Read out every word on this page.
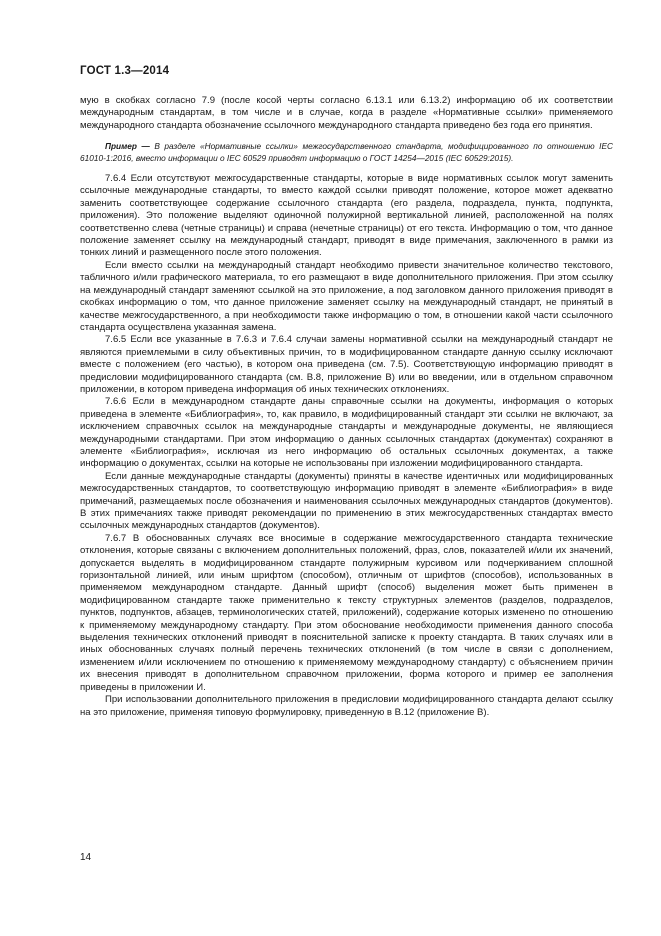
ГОСТ 1.3—2014

мую в скобках согласно 7.9 (после косой черты согласно 6.13.1 или 6.13.2) информацию об их соответствии международным стандартам, в том числе и в случае, когда в разделе «Нормативные ссылки» применяемого международного стандарта обозначение ссылочного международного стандарта приведено без года его принятия.

Пример — В разделе «Нормативные ссылки» межгосударственного стандарта, модифицированного по отношению IEC 61010-1:2016, вместо информации о IEC 60529 приводят информацию о ГОСТ 14254—2015 (IEC 60529:2015).

7.6.4 Если отсутствуют межгосударственные стандарты, которые в виде нормативных ссылок могут заменить ссылочные международные стандарты, то вместо каждой ссылки приводят положение, которое может адекватно заменить соответствующее содержание ссылочного стандарта (его раздела, подраздела, пункта, подпункта, приложения). Это положение выделяют одиночной полужирной вертикальной линией, расположенной на полях соответственно слева (четные страницы) и справа (нечетные страницы) от его текста. Информацию о том, что данное положение заменяет ссылку на международный стандарт, приводят в виде примечания, заключенного в рамки из тонких линий и размещенного после этого положения.

Если вместо ссылки на международный стандарт необходимо привести значительное количество текстового, табличного и/или графического материала, то его размещают в виде дополнительного приложения. При этом ссылку на международный стандарт заменяют ссылкой на это приложение, а под заголовком данного приложения приводят в скобках информацию о том, что данное приложение заменяет ссылку на международный стандарт, не принятый в качестве межгосударственного, а при необходимости также информацию о том, в отношении какой части ссылочного стандарта осуществлена указанная замена.

7.6.5 Если все указанные в 7.6.3 и 7.6.4 случаи замены нормативной ссылки на международный стандарт не являются приемлемыми в силу объективных причин, то в модифицированном стандарте данную ссылку исключают вместе с положением (его частью), в котором она приведена (см. 7.5). Соответствующую информацию приводят в предисловии модифицированного стандарта (см. В.8, приложение В) или во введении, или в отдельном справочном приложении, в котором приведена информация об иных технических отклонениях.

7.6.6 Если в международном стандарте даны справочные ссылки на документы, информация о которых приведена в элементе «Библиография», то, как правило, в модифицированный стандарт эти ссылки не включают, за исключением справочных ссылок на международные стандарты и международные документы, не являющиеся международными стандартами. При этом информацию о данных ссылочных стандартах (документах) сохраняют в элементе «Библиография», исключая из него информацию об остальных ссылочных документах, а также информацию о документах, ссылки на которые не использованы при изложении модифицированного стандарта.

Если данные международные стандарты (документы) приняты в качестве идентичных или модифицированных межгосударственных стандартов, то соответствующую информацию приводят в элементе «Библиография» в виде примечаний, размещаемых после обозначения и наименования ссылочных международных стандартов (документов). В этих примечаниях также приводят рекомендации по применению в этих межгосударственных стандартах вместо ссылочных международных стандартов (документов).

7.6.7 В обоснованных случаях все вносимые в содержание межгосударственного стандарта технические отклонения, которые связаны с включением дополнительных положений, фраз, слов, показателей и/или их значений, допускается выделять в модифицированном стандарте полужирным курсивом или подчеркиванием сплошной горизонтальной линией, или иным шрифтом (способом), отличным от шрифтов (способов), использованных в применяемом международном стандарте. Данный шрифт (способ) выделения может быть применен в модифицированном стандарте также применительно к тексту структурных элементов (разделов, подразделов, пунктов, подпунктов, абзацев, терминологических статей, приложений), содержание которых изменено по отношению к применяемому международному стандарту. При этом обоснование необходимости применения данного способа выделения технических отклонений приводят в пояснительной записке к проекту стандарта. В таких случаях или в иных обоснованных случаях полный перечень технических отклонений (в том числе в связи с дополнением, изменением и/или исключением по отношению к применяемому международному стандарту) с объяснением причин их внесения приводят в дополнительном справочном приложении, форма которого и пример ее заполнения приведены в приложении И.

При использовании дополнительного приложения в предисловии модифицированного стандарта делают ссылку на это приложение, применяя типовую формулировку, приведенную в В.12 (приложение В).

14
